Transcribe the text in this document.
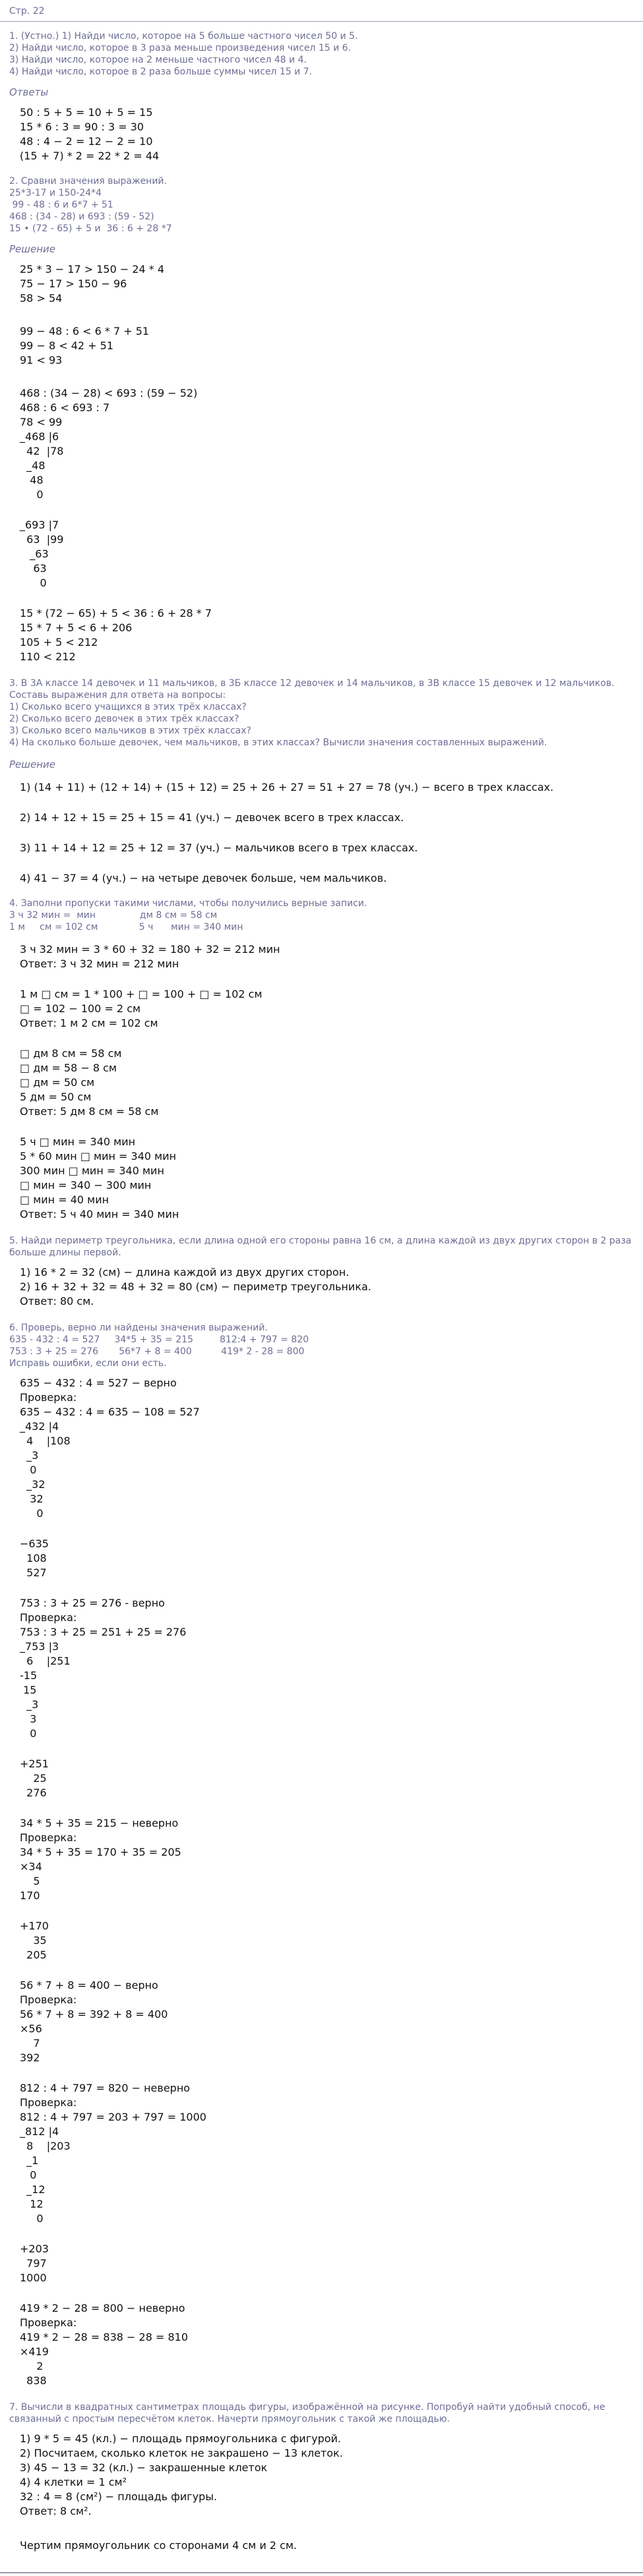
Стр. 22
1. (Устно.) 1) Найди число, которое на 5 больше частного чисел 50 и 5.
2) Найди число, которое в 3 раза меньше произведения чисел 15 и 6.
3) Найди число, которое на 2 меньше частного чисел 48 и 4.
4) Найди число, которое в 2 раза больше суммы чисел 15 и 7.
Ответы
50 : 5 + 5 = 10 + 5 = 15
15 * 6 : 3 = 90 : 3 = 30
48 : 4 − 2 = 12 − 2 = 10
(15 + 7) * 2 = 22 * 2 = 44
2. Сравни значения выражений.
25*3-17 и 150-24*4
99 - 48 : 6 и 6*7 + 51
468 : (34 - 28) и 693 : (59 - 52)
15 • (72 - 65) + 5 и  36 : 6 + 28 *7
Решение
25 * 3 − 17 > 150 − 24 * 4
75 − 17 > 150 − 96
58 > 54
99 − 48 : 6 < 6 * 7 + 51
99 − 8 < 42 + 51
91 < 93
468 : (34 − 28) < 693 : (59 − 52)
468 : 6 < 693 : 7
78 < 99
_468 |6
42  |78
_48
48
0
_693 |7
63  |99
_63
63
0
15 * (72 − 65) + 5 < 36 : 6 + 28 * 7
15 * 7 + 5 < 6 + 206
105 + 5 < 212
110 < 212
3. В 3А классе 14 девочек и 11 мальчиков, в 3Б классе 12 девочек и 14 мальчиков, в 3В классе 15 девочек и 12 мальчиков.
Составь выражения для ответа на вопросы:
1) Сколько всего учащихся в этих трёх классах?
2) Сколько всего девочек в этих трёх классах?
3) Сколько всего мальчиков в этих трёх классах?
4) На сколько больше девочек, чем мальчиков, в этих классах? Вычисли значения составленных выражений.
Решение
1) (14 + 11) + (12 + 14) + (15 + 12) = 25 + 26 + 27 = 51 + 27 = 78 (уч.) − всего в трех классах.
2) 14 + 12 + 15 = 25 + 15 = 41 (уч.) − девочек всего в трех классах.
3) 11 + 14 + 12 = 25 + 12 = 37 (уч.) − мальчиков всего в трех классах.
4) 41 − 37 = 4 (уч.) − на четыре девочек больше, чем мальчиков.
4. Заполни пропуски такими числами, чтобы получились верные записи.
3 ч 32 мин =  мин               дм 8 см = 58 см
1 м     см = 102 см              5 ч      мин = 340 мин
3 ч 32 мин = 3 * 60 + 32 = 180 + 32 = 212 мин
Ответ: 3 ч 32 мин = 212 мин
1 м □ см = 1 * 100 + □ = 100 + □ = 102 см
□ = 102 − 100 = 2 см
Ответ: 1 м 2 см = 102 см
□ дм 8 см = 58 см
□ дм = 58 − 8 см
□ дм = 50 см
5 дм = 50 см
Ответ: 5 дм 8 см = 58 см
5 ч □ мин = 340 мин
5 * 60 мин □ мин = 340 мин
300 мин □ мин = 340 мин
□ мин = 340 − 300 мин
□ мин = 40 мин
Ответ: 5 ч 40 мин = 340 мин
5. Найди периметр треугольника, если длина одной его стороны равна 16 см, а длина каждой из двух других сторон в 2 раза
больше длины первой.
1) 16 * 2 = 32 (см) − длина каждой из двух других сторон.
2) 16 + 32 + 32 = 48 + 32 = 80 (см) − периметр треугольника.
Ответ: 80 см.
6. Проверь, верно ли найдены значения выражений.
635 - 432 : 4 = 527     34*5 + 35 = 215         812:4 + 797 = 820
753 : 3 + 25 = 276       56*7 + 8 = 400          419* 2 - 28 = 800
Исправь ошибки, если они есть.
635 − 432 : 4 = 527 − верно
Проверка:
635 − 432 : 4 = 635 − 108 = 527
_432 |4
4    |108
_3
0
_32
32
0
−635
108
527
753 : 3 + 25 = 276 - верно
Проверка:
753 : 3 + 25 = 251 + 25 = 276
_753 |3
6    |251
-15
15
_3
3
0
+251
25
276
34 * 5 + 35 = 215 − неверно
Проверка:
34 * 5 + 35 = 170 + 35 = 205
×34
5
170
+170
35
205
56 * 7 + 8 = 400 − верно
Проверка:
56 * 7 + 8 = 392 + 8 = 400
×56
7
392
812 : 4 + 797 = 820 − неверно
Проверка:
812 : 4 + 797 = 203 + 797 = 1000
_812 |4
8    |203
_1
0
_12
12
0
+203
797
1000
419 * 2 − 28 = 800 − неверно
Проверка:
419 * 2 − 28 = 838 − 28 = 810
×419
2
838
7. Вычисли в квадратных сантиметрах площадь фигуры, изображённой на рисунке. Попробуй найти удобный способ, не
связанный с простым пересчётом клеток. Начерти прямоугольник с такой же площадью.
1) 9 * 5 = 45 (кл.) − площадь прямоугольника с фигурой.
2) Посчитаем, сколько клеток не закрашено − 13 клеток.
3) 45 − 13 = 32 (кл.) − закрашенные клеток
4) 4 клетки = 1 см²
32 : 4 = 8 (см²) − площадь фигуры.
Ответ: 8 см².
Чертим прямоугольник со сторонами 4 см и 2 см.
